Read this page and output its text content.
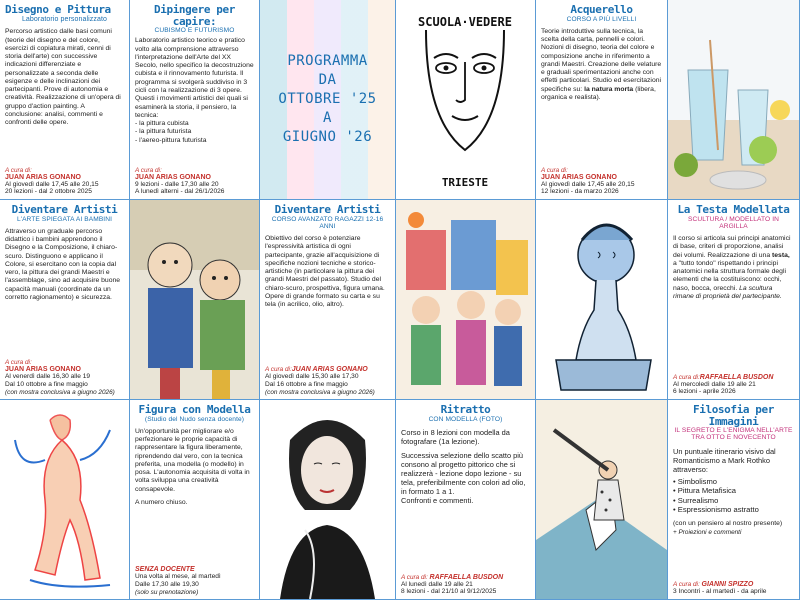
Disegno e Pittura
Laboratorio personalizzato
Percorso artistico dalle basi comuni (teorie del disegno e del colore, esercizi di copiatura mirati, cenni di storia dell'arte) con successive indicazioni differenziate e personalizzate a seconda delle esigenze e delle inclinazioni dei partecipanti. Prove di autonomia e creatività. Realizzazione di un'opera di gruppo d'action painting. A conclusione: analisi, commenti e confronti delle opere.
A cura di:
JUAN ARIAS GONANO
Al giovedì dalle 17,45 alle 20,15
20 lezioni - dal 2 ottobre 2025
Dipingere per capire:
CUBISMO E FUTURISMO
Laboratorio artistico teorico e pratico volto alla comprensione attraverso l'interpretazione dell'Arte del XX Secolo, nello specifico la decostruzione cubista e il rinnovamento futurista. Il programma si svolgerà suddiviso in 3 cicli con la realizzazione di 3 opere. Questi i movimenti artistici dei quali si esaminerà la storia, il pensiero, la tecnica:

- la pittura cubista

- la pittura futurista

- l'aereo-pittura futurista

A cura di:
JUAN ARIAS GONANO
9 lezioni - dalle 17,30 alle 20
A lunedì alterni - dal 26/1/2026
PROGRAMMA
DA
OTTOBRE '25
A
GIUGNO '26
SCUOLA·VEDERE
TRIESTE
Acquerello
CORSO A PIÙ LIVELLI
Teorie introduttive sulla tecnica, la scelta della carta, pennelli e colori. Nozioni di disegno, teoria del colore e composizione anche in riferimento a grandi Maestri. Creazione delle velature e graduali sperimentazioni anche con effetti particolari. Studio ed esercitazioni specifiche su: la natura morta (libera, organica e realista).
A cura di:
JUAN ARIAS GONANO
Al giovedì dalle 17,45 alle 20,15
12 lezioni - da marzo 2026
Diventare Artisti
L'ARTE SPIEGATA AI BAMBINI
Attraverso un graduale percorso didattico i bambini apprendono il Disegno e la Composizione, il chiaro-scuro. Distinguono e applicano il Colore, si esercitano con la copia dal vero, la pittura dei grandi Maestri e l'assemblage, sino ad acquisire buone capacità manuali (coordinate da un corretto ragionamento) e sicurezza.
A cura di:
JUAN ARIAS GONANO
Al venerdì dalle 16,30 alle 19
Dal 10 ottobre a fine maggio
(con mostra conclusiva a giugno 2026)
Diventare Artisti
CORSO AVANZATO RAGAZZI 12-16 ANNI
Obiettivo del corso è potenziare l'espressività artistica di ogni partecipante, grazie all'acquisizione di specifiche nozioni tecniche e storico-artistiche (in particolare la pittura dei grandi Maestri del passato). Studio del chiaro-scuro, prospettiva, figura umana. Opere di grande formato su carta e su tela (in acrilico, olio, altro).
A cura di:JUAN ARIAS GONANO
Al giovedì dalle 15,30 alle 17,30
Dal 16 ottobre a fine maggio
(con mostra conclusiva a giugno 2026)
La Testa Modellata
SCULTURA / MODELLATO IN ARGILLA
Il corso si articola sui principi anatomici di base, criteri di proporzione, analisi dei volumi. Realizzazione di una testa, a "tutto tondo" rispettando i principi anatomici nella struttura formale degli elementi che la costituiscono: occhi, naso, bocca, orecchi. La scultura rimane di proprietà del partecipante.
A cura di:RAFFAELLA BUSDON
Al mercoledì dalle 19 alle 21
6 lezioni - aprile 2026
Figura con Modella
(Studio del Nudo senza docente)
Un'opportunità per migliorare e/o perfezionare le proprie capacità di rappresentare la figura liberamente, riprendendo dal vero, con la tecnica preferita, una modella (o modello) in posa. L'autonomia acquisita di volta in volta sviluppa una creatività consapevole.
A numero chiuso.
SENZA DOCENTE
Una volta al mese, al martedì
Dalle 17,30 alle 19,30
(solo su prenotazione)
Ritratto
CON MODELLA (FOTO)
Corso in 8 lezioni con modella da fotografare (1a lezione).
Successiva selezione dello scatto più consono al progetto pittorico che si realizzerà - lezione dopo lezione - su tela, preferibilmente con colori ad olio, in formato 1 a 1.
Confronti e commenti.
A cura di: RAFFAELLA BUSDON
Al lunedì dalle 19 alle 21
8 lezioni - dal 21/10 al 9/12/2025
Filosofia per Immagini
IL SEGRETO E L'ENIGMA NELL'ARTE TRA OTTO E NOVECENTO
Un puntuale itinerario visivo dal Romanticismo a Mark Rothko attraverso:
• Simbolismo
• Pittura Metafisica
• Surrealismo
• Espressionismo astratto
(con un pensiero al nostro presente)
+ Proiezioni e commenti
A cura di: GIANNI SPIZZO
3 Incontri - al martedì - da aprile
